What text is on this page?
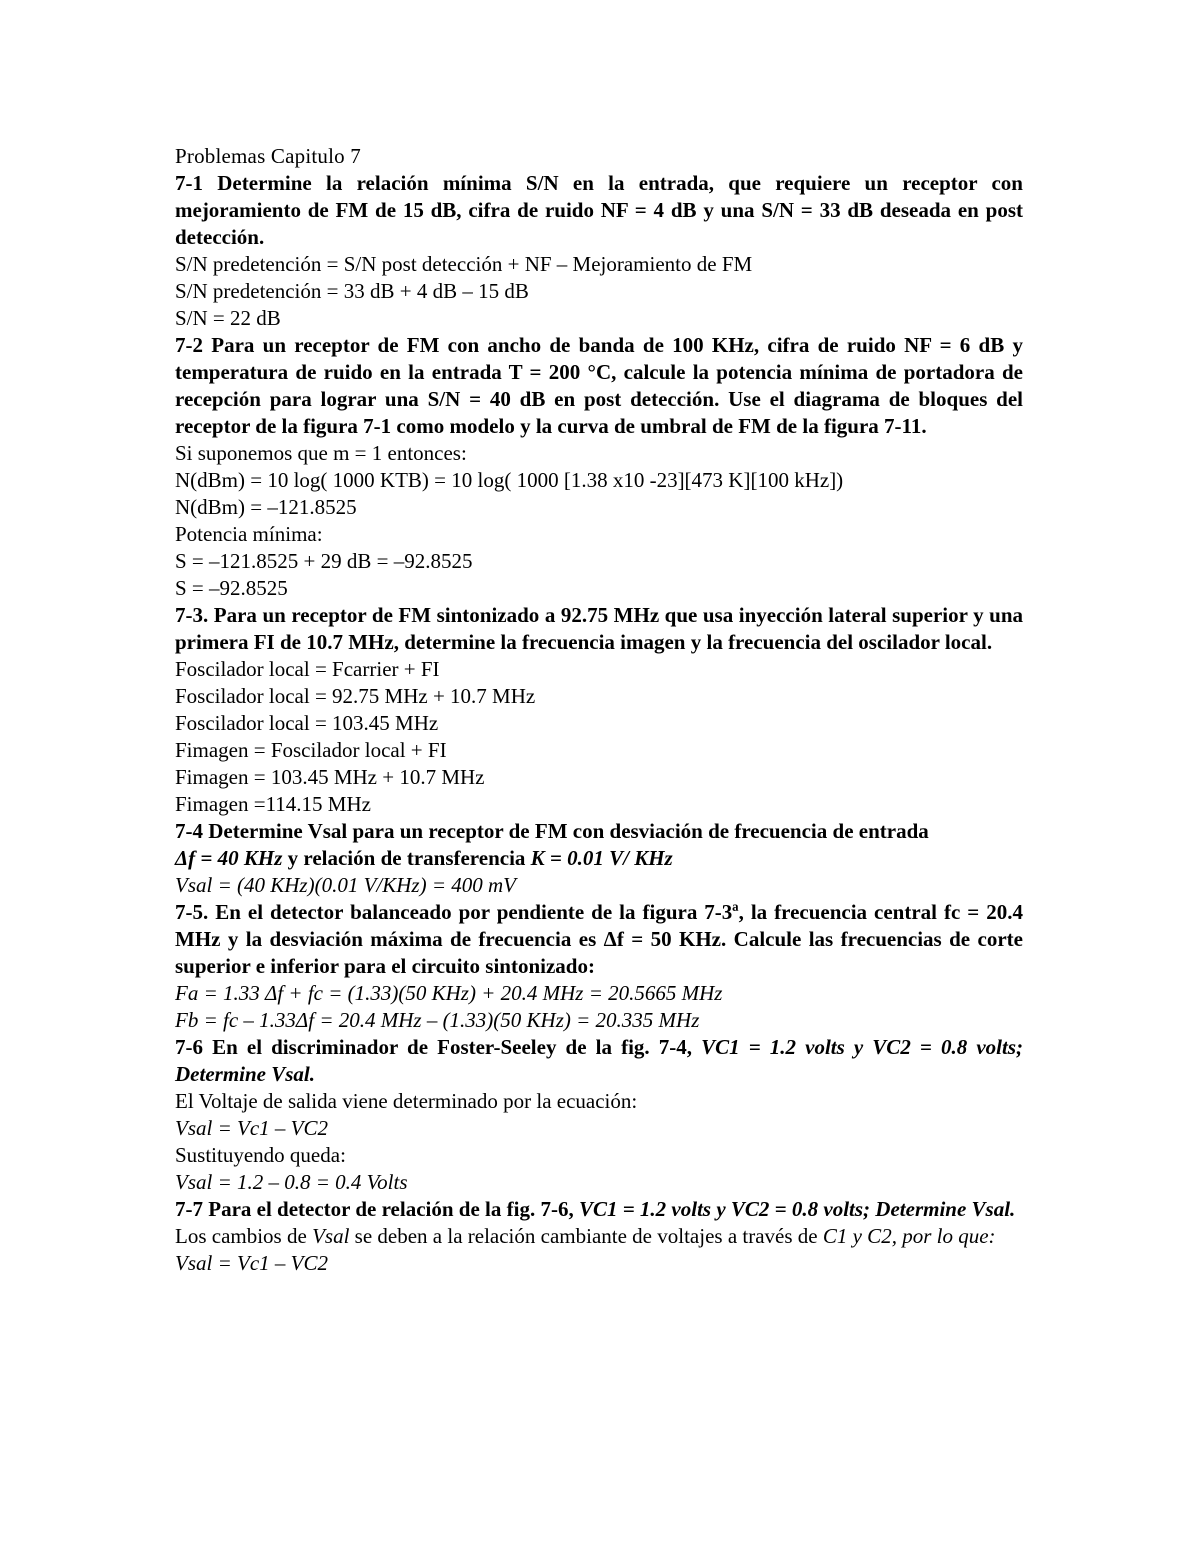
Problemas Capitulo 7

7-1 Determine la relación mínima S/N en la entrada, que requiere un receptor con mejoramiento de FM de 15 dB, cifra de ruido NF = 4 dB y una S/N = 33 dB deseada en post detección.

S/N predetención = S/N post detección + NF – Mejoramiento de FM

S/N predetención = 33 dB + 4 dB – 15 dB

S/N = 22 dB

7-2 Para un receptor de FM con ancho de banda de 100 KHz, cifra de ruido NF = 6 dB y temperatura de ruido en la entrada T = 200 °C, calcule la potencia mínima de portadora de recepción para lograr una S/N = 40 dB en post detección. Use el diagrama de bloques del receptor de la figura 7-1 como modelo y la curva de umbral de FM de la figura 7-11.

Si suponemos que m = 1 entonces:

N(dBm) = 10 log( 1000 KTB) = 10 log( 1000 [1.38 x10 -23][473 K][100 kHz])

N(dBm) = –121.8525

Potencia mínima:

S = –121.8525 + 29 dB = –92.8525

S = –92.8525

7-3. Para un receptor de FM sintonizado a 92.75 MHz que usa inyección lateral superior y una primera FI de 10.7 MHz, determine la frecuencia imagen y la frecuencia del oscilador local.

Foscilador local = Fcarrier + FI

Foscilador local = 92.75 MHz + 10.7 MHz

Foscilador local = 103.45 MHz

Fimagen = Foscilador local + FI

Fimagen = 103.45 MHz + 10.7 MHz

Fimagen =114.15 MHz

7-4 Determine Vsal para un receptor de FM con desviación de frecuencia de entrada
Δf = 40 KHz y relación de transferencia K = 0.01 V/ KHz

Vsal = (40 KHz)(0.01 V/KHz) = 400 mV

7-5. En el detector balanceado por pendiente de la figura 7-3ª, la frecuencia central fc = 20.4 MHz y la desviación máxima de frecuencia es Δf = 50 KHz. Calcule las frecuencias de corte superior e inferior para el circuito sintonizado:

Fa = 1.33 Δf + fc = (1.33)(50 KHz) + 20.4 MHz = 20.5665 MHz

Fb = fc – 1.33Δf = 20.4 MHz – (1.33)(50 KHz) = 20.335 MHz

7-6 En el discriminador de Foster-Seeley de la fig. 7-4, VC1 = 1.2 volts y VC2 = 0.8 volts; Determine Vsal.

El Voltaje de salida viene determinado por la ecuación:

Vsal = Vc1 – VC2

Sustituyendo queda:

Vsal = 1.2 – 0.8 = 0.4 Volts

7-7 Para el detector de relación de la fig. 7-6, VC1 = 1.2 volts y VC2 = 0.8 volts; Determine Vsal.

Los cambios de Vsal se deben a la relación cambiante de voltajes a través de C1 y C2, por lo que:

Vsal = Vc1 – VC2
